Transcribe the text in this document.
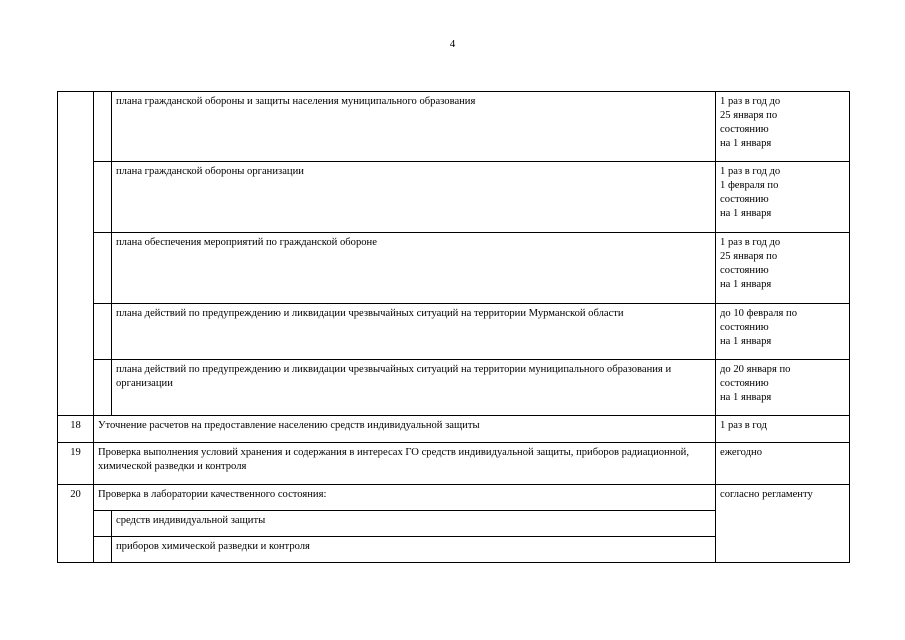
4
		плана гражданской обороны и защиты населения муниципального образования	1 раз в год до
25 января по
состоянию
на 1 января

		плана гражданской обороны организации	1 раз в год до
1 февраля по
состоянию
на 1 января

		плана обеспечения мероприятий по гражданской обороне	1 раз в год до
25 января по
состоянию
на 1 января

		плана действий по предупреждению и ликвидации чрезвычайных ситуаций на территории Мурманской области	до 10 февраля по
состоянию
на 1 января

		плана действий по предупреждению и ликвидации чрезвычайных ситуаций на территории муниципального образования и организации	до 20 января по
состоянию
на 1 января

18	Уточнение расчетов на предоставление населению средств индивидуальной защиты		1 раз в год
19	Проверка выполнения условий хранения и содержания в интересах ГО средств индивидуальной защиты, приборов радиационной, химической разведки и контроля		ежегодно
20	Проверка в лаборатории качественного состояния:		согласно регламенту
		средств индивидуальной защиты	
		приборов химической разведки и контроля	
